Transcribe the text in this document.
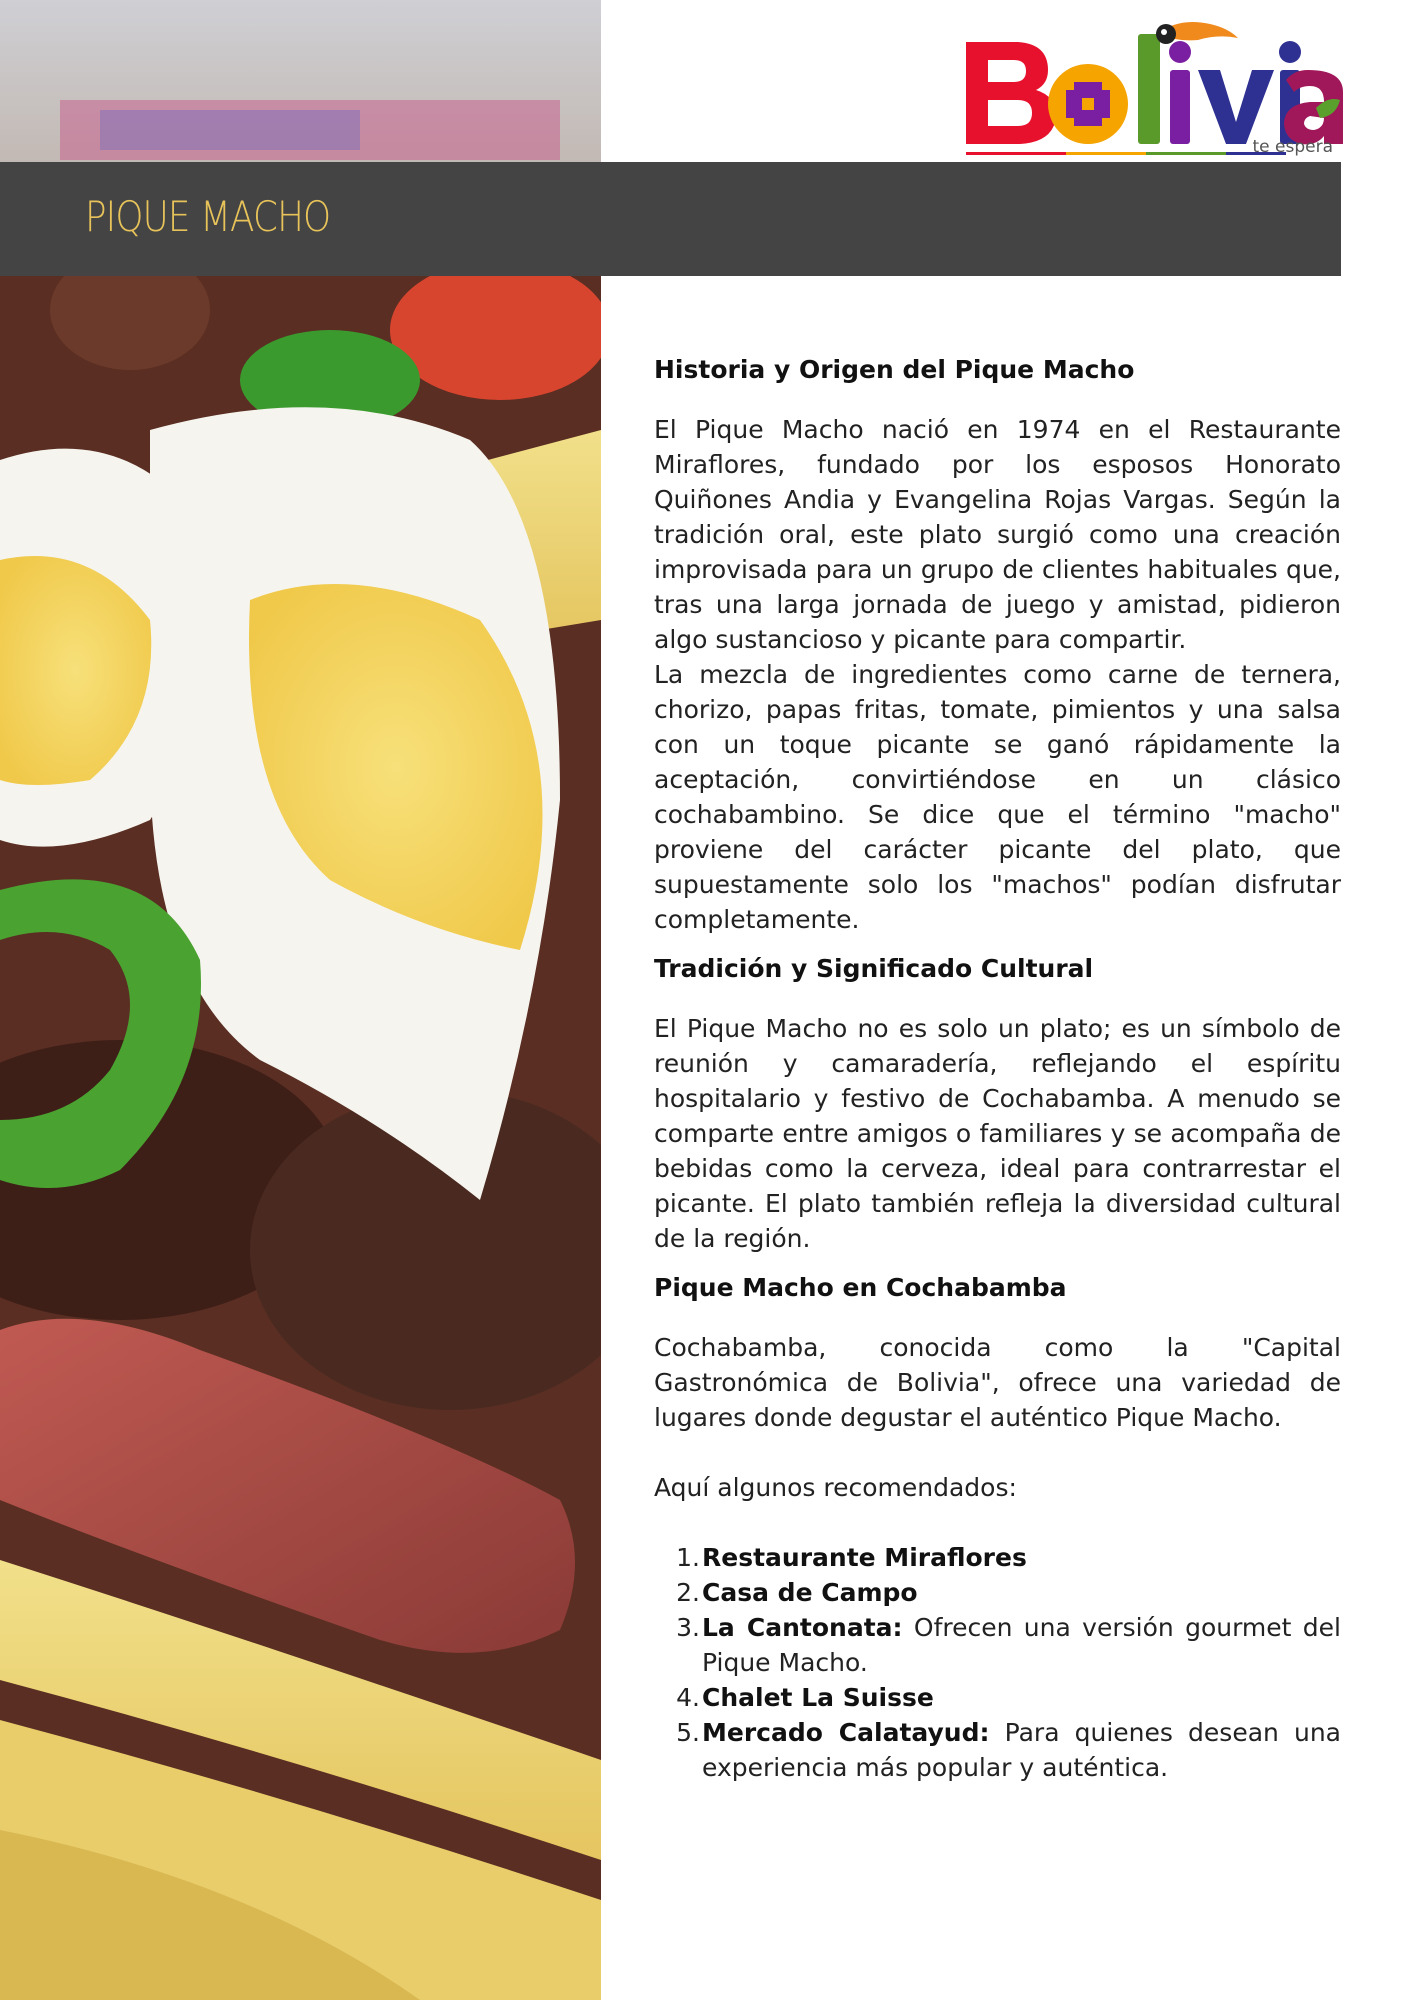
PIQUE MACHO
te espera
Historia y Origen del Pique Macho

El Pique Macho nació en 1974 en el Restaurante Miraflores, fundado por los esposos Honorato Quiñones Andia y Evangelina Rojas Vargas. Según la tradición oral, este plato surgió como una creación improvisada para un grupo de clientes habituales que, tras una larga jornada de juego y amistad, pidieron algo sustancioso y picante para compartir.

La mezcla de ingredientes como carne de ternera, chorizo, papas fritas, tomate, pimientos y una salsa con un toque picante se ganó rápidamente la aceptación, convirtiéndose en un clásico cochabambino. Se dice que el término "macho" proviene del carácter picante del plato, que supuestamente solo los "machos" podían disfrutar completamente.

Tradición y Significado Cultural

El Pique Macho no es solo un plato; es un símbolo de reunión y camaradería, reflejando el espíritu hospitalario y festivo de Cochabamba. A menudo se comparte entre amigos o familiares y se acompaña de bebidas como la cerveza, ideal para contrarrestar el picante. El plato también refleja la diversidad cultural de la región.

Pique Macho en Cochabamba

Cochabamba, conocida como la "Capital Gastronómica de Bolivia", ofrece una variedad de lugares donde degustar el auténtico Pique Macho.

Aquí algunos recomendados:

1. Restaurante Miraflores
2. Casa de Campo
3. La Cantonata: Ofrecen una versión gourmet del Pique Macho.
4. Chalet La Suisse
5. Mercado Calatayud: Para quienes desean una experiencia más popular y auténtica.
